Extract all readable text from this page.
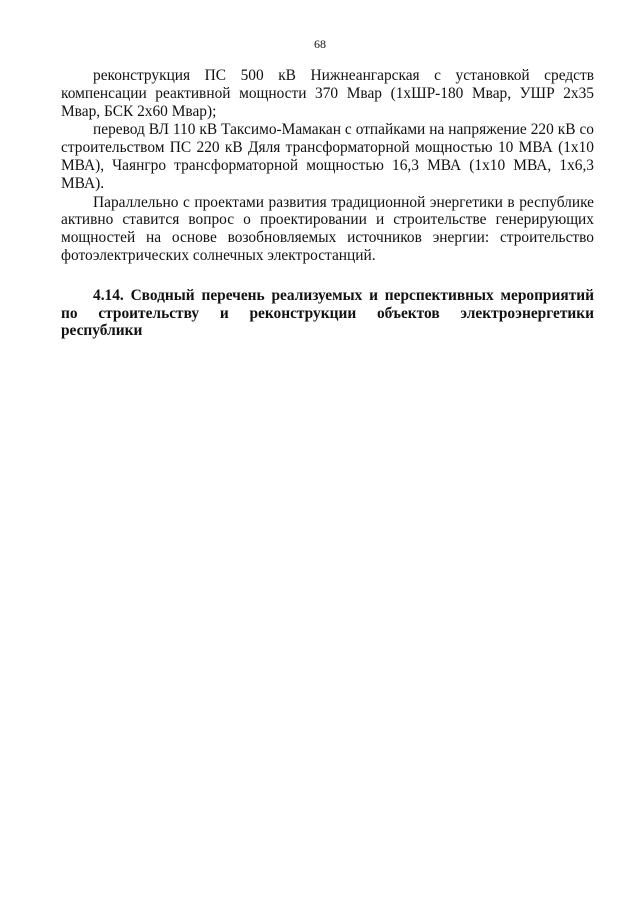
68

реконструкция ПС 500 кВ Нижнеангарская с установкой средств компенсации реактивной мощности 370 Мвар (1хШР-180 Мвар, УШР 2х35 Мвар, БСК 2х60 Мвар);

перевод ВЛ 110 кВ Таксимо-Мамакан с отпайками на напряжение 220 кВ со строительством ПС 220 кВ Дяля трансформаторной мощностью 10 МВА (1х10 МВА), Чаянгро трансформаторной мощностью 16,3 МВА (1х10 МВА, 1х6,3 МВА).

Параллельно с проектами развития традиционной энергетики в республике активно ставится вопрос о проектировании и строительстве генерирующих мощностей на основе возобновляемых источников энергии: строительство фотоэлектрических солнечных электростанций.

4.14. Сводный перечень реализуемых и перспективных мероприятий по строительству и реконструкции объектов электроэнергетики республики
